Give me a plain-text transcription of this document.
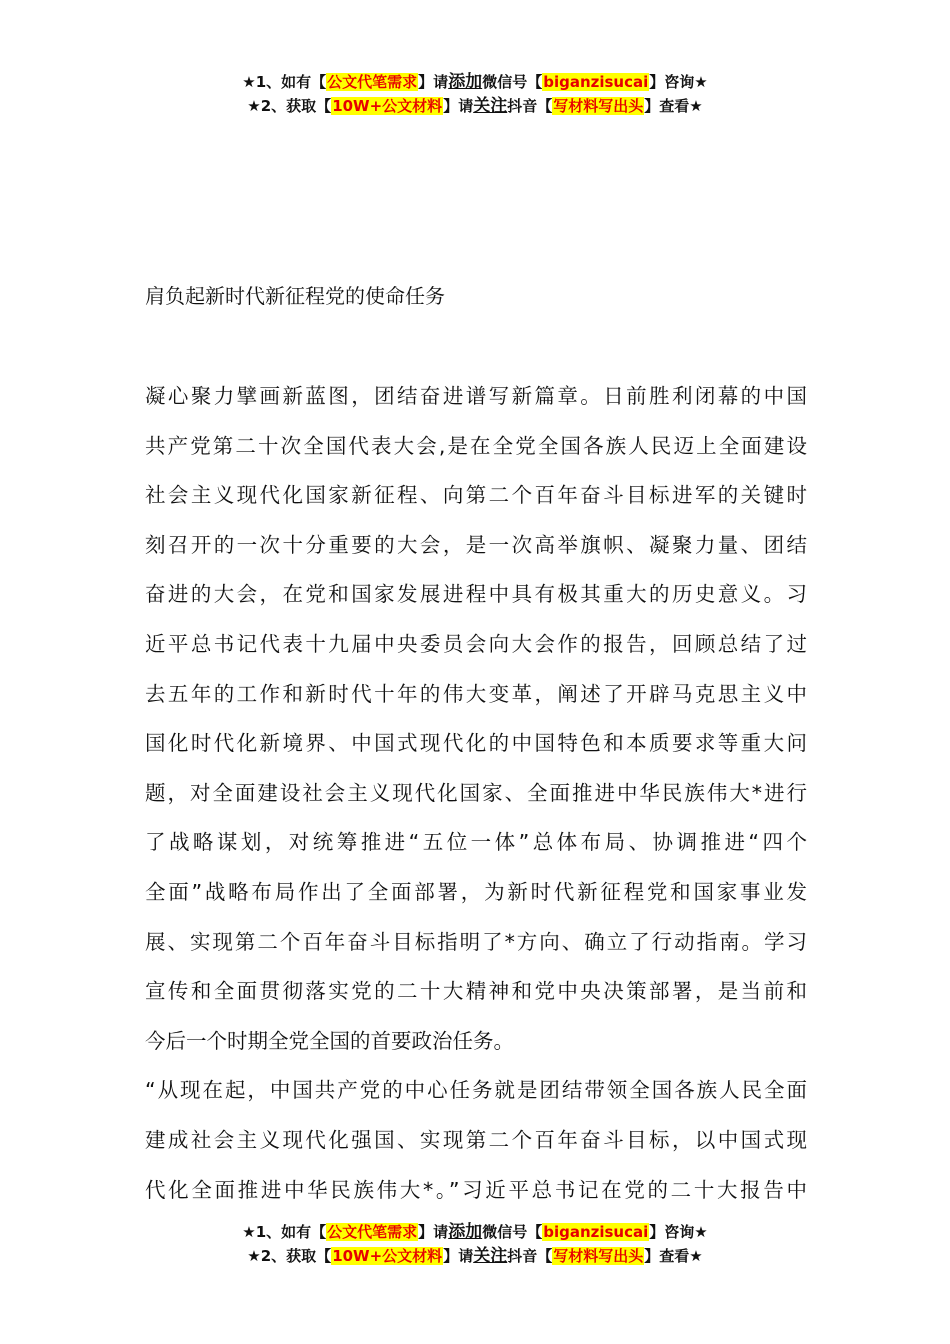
★1、如有【公文代笔需求】请添加微信号【biganzisucai】咨询★
★2、获取【10W+公文材料】请关注抖音【写材料写出头】查看★
肩负起新时代新征程党的使命任务
凝心聚力擘画新蓝图，团结奋进谱写新篇章。日前胜利闭幕的中国
共产党第二十次全国代表大会,是在全党全国各族人民迈上全面建设
社会主义现代化国家新征程、向第二个百年奋斗目标进军的关键时
刻召开的一次十分重要的大会，是一次高举旗帜、凝聚力量、团结
奋进的大会，在党和国家发展进程中具有极其重大的历史意义。习
近平总书记代表十九届中央委员会向大会作的报告，回顾总结了过
去五年的工作和新时代十年的伟大变革，阐述了开辟马克思主义中
国化时代化新境界、中国式现代化的中国特色和本质要求等重大问
题，对全面建设社会主义现代化国家、全面推进中华民族伟大*进行
了战略谋划，对统筹推进“五位一体”总体布局、协调推进“四个
全面”战略布局作出了全面部署，为新时代新征程党和国家事业发
展、实现第二个百年奋斗目标指明了*方向、确立了行动指南。学习
宣传和全面贯彻落实党的二十大精神和党中央决策部署，是当前和
今后一个时期全党全国的首要政治任务。
“从现在起，中国共产党的中心任务就是团结带领全国各族人民全面
建成社会主义现代化强国、实现第二个百年奋斗目标，以中国式现
代化全面推进中华民族伟大*。”习近平总书记在党的二十大报告中
★1、如有【公文代笔需求】请添加微信号【biganzisucai】咨询★
★2、获取【10W+公文材料】请关注抖音【写材料写出头】查看★
